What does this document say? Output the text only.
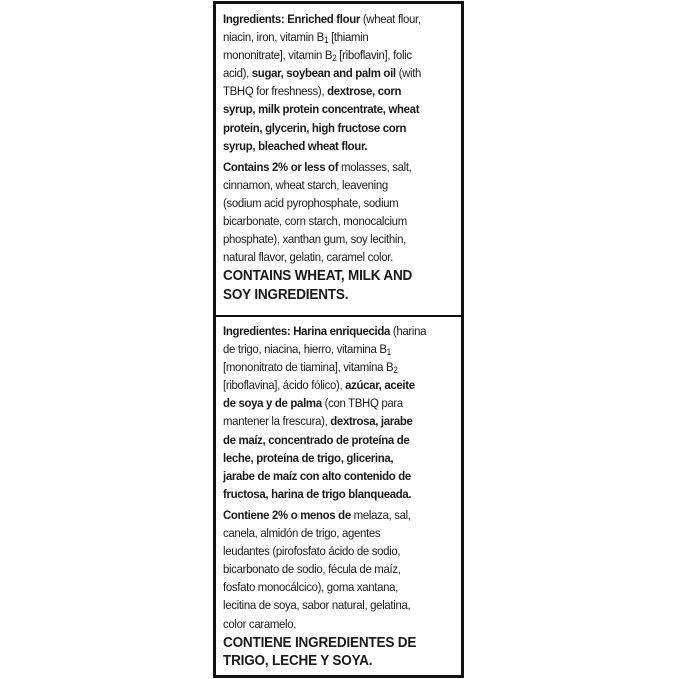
Ingredients: Enriched flour (wheat flour,
niacin, iron, vitamin $B_1$ [thiamin
mononitrate], vitamin $B_2$ [riboflavin], folic
acid), sugar, soybean and palm oil (with
TBHQ for freshness), dextrose, corn
syrup, milk protein concentrate, wheat
protein, glycerin, high fructose corn
syrup, bleached wheat flour.

Contains 2% or less of molasses, salt,
cinnamon, wheat starch, leavening
(sodium acid pyrophosphate, sodium
bicarbonate, corn starch, monocalcium
phosphate), xanthan gum, soy lecithin,
natural flavor, gelatin, caramel color.

CONTAINS WHEAT, MILK AND
SOY INGREDIENTS.

Ingredientes: Harina enriquecida (harina
de trigo, niacina, hierro, vitamina $B_1$
[mononitrato de tiamina], vitamina $B_2$
[riboflavina], ácido fólico), azúcar, aceite
de soya y de palma (con TBHQ para
mantener la frescura), dextrosa, jarabe
de maíz, concentrado de proteína de
leche, proteína de trigo, glicerina,
jarabe de maíz con alto contenido de
fructosa, harina de trigo blanqueada.

Contiene 2% o menos de melaza, sal,
canela, almidón de trigo, agentes
leudantes (pirofosfato ácido de sodio,
bicarbonato de sodio, fécula de maíz,
fosfato monocálcico), goma xantana,
lecitina de soya, sabor natural, gelatina,
color caramelo.

CONTIENE INGREDIENTES DE
TRIGO, LECHE Y SOYA.
